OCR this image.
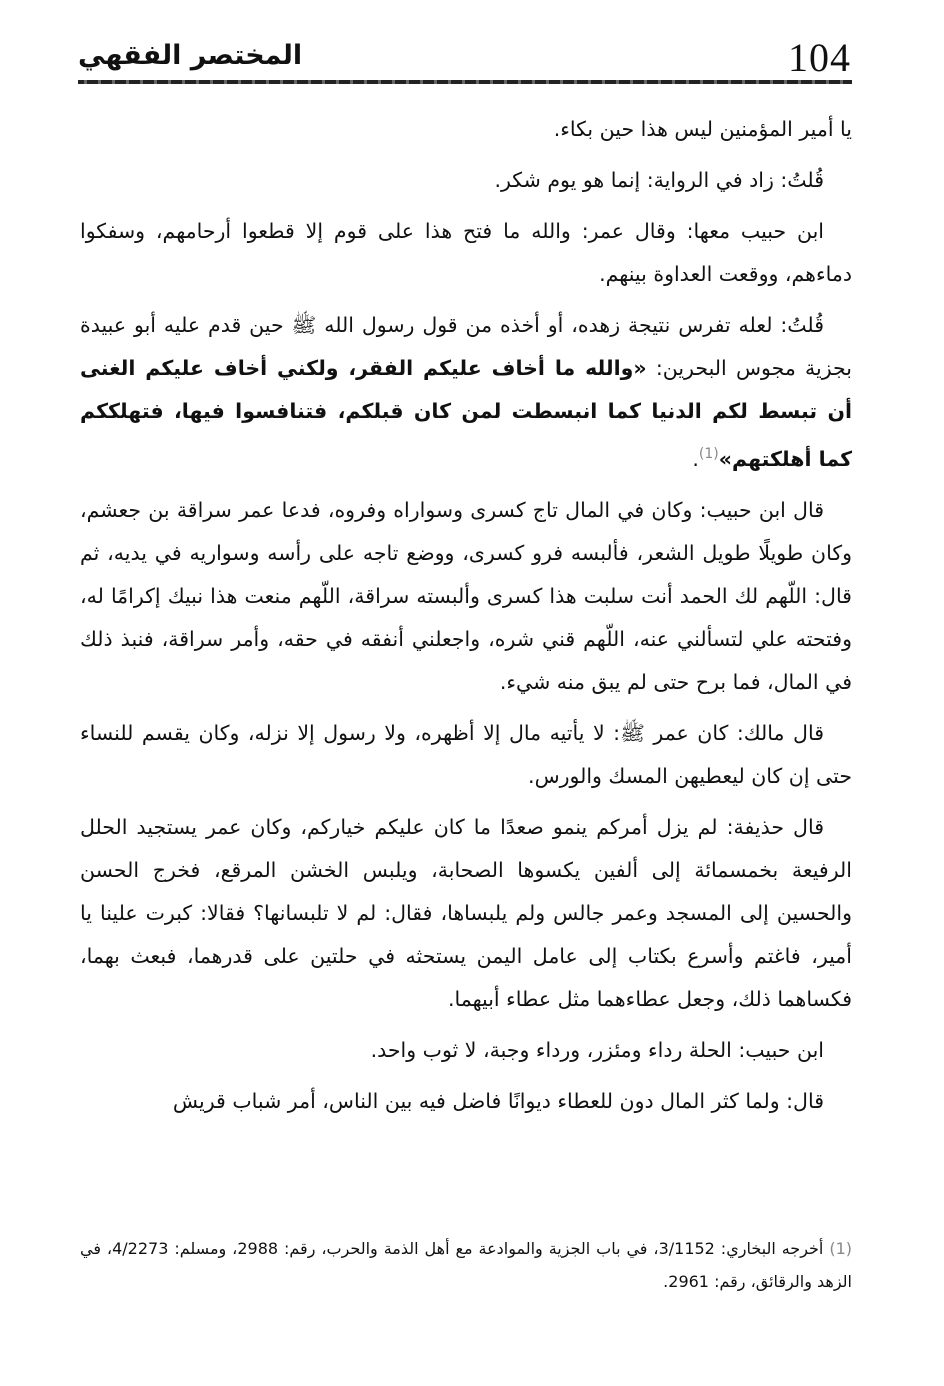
المختصر الفقهي	104

يا أمير المؤمنين ليس هذا حين بكاء.

قُلتُ: زاد في الرواية: إنما هو يوم شكر.

ابن حبيب معها: وقال عمر: والله ما فتح هذا على قوم إلا قطعوا أرحامهم، وسفكوا دماءهم، ووقعت العداوة بينهم.

قُلتُ: لعله تفرس نتيجة زهده، أو أخذه من قول رسول الله ﷺ حين قدم عليه أبو عبيدة بجزية مجوس البحرين: «والله ما أخاف عليكم الفقر، ولكني أخاف عليكم الغنى أن تبسط لكم الدنيا كما انبسطت لمن كان قبلكم، فتنافسوا فيها، فتهلككم كما أهلكتهم»$^{(1)}$.

قال ابن حبيب: وكان في المال تاج كسرى وسواراه وفروه، فدعا عمر سراقة بن جعشم، وكان طويلًا طويل الشعر، فألبسه فرو كسرى، ووضع تاجه على رأسه وسواريه في يديه، ثم قال: اللّهم لك الحمد أنت سلبت هذا كسرى وألبسته سراقة، اللّهم منعت هذا نبيك إكرامًا له، وفتحته علي لتسألني عنه، اللّهم قني شره، واجعلني أنفقه في حقه، وأمر سراقة، فنبذ ذلك في المال، فما برح حتى لم يبق منه شيء.

قال مالك: كان عمر ﷺ: لا يأتيه مال إلا أظهره، ولا رسول إلا نزله، وكان يقسم للنساء حتى إن كان ليعطيهن المسك والورس.

قال حذيفة: لم يزل أمركم ينمو صعدًا ما كان عليكم خياركم، وكان عمر يستجيد الحلل الرفيعة بخمسمائة إلى ألفين يكسوها الصحابة، ويلبس الخشن المرقع، فخرج الحسن والحسين إلى المسجد وعمر جالس ولم يلبساها، فقال: لم لا تلبسانها؟ فقالا: كبرت علينا يا أمير، فاغتم وأسرع بكتاب إلى عامل اليمن يستحثه في حلتين على قدرهما، فبعث بهما، فكساهما ذلك، وجعل عطاءهما مثل عطاء أبيهما.

ابن حبيب: الحلة رداء ومئزر، ورداء وجبة، لا ثوب واحد.

قال: ولما كثر المال دون للعطاء ديوانًا فاضل فيه بين الناس، أمر شباب قريش

(1) أخرجه البخاري: 3/1152، في باب الجزية والموادعة مع أهل الذمة والحرب، رقم: 2988، ومسلم: 4/2273، في الزهد والرقائق، رقم: 2961.
